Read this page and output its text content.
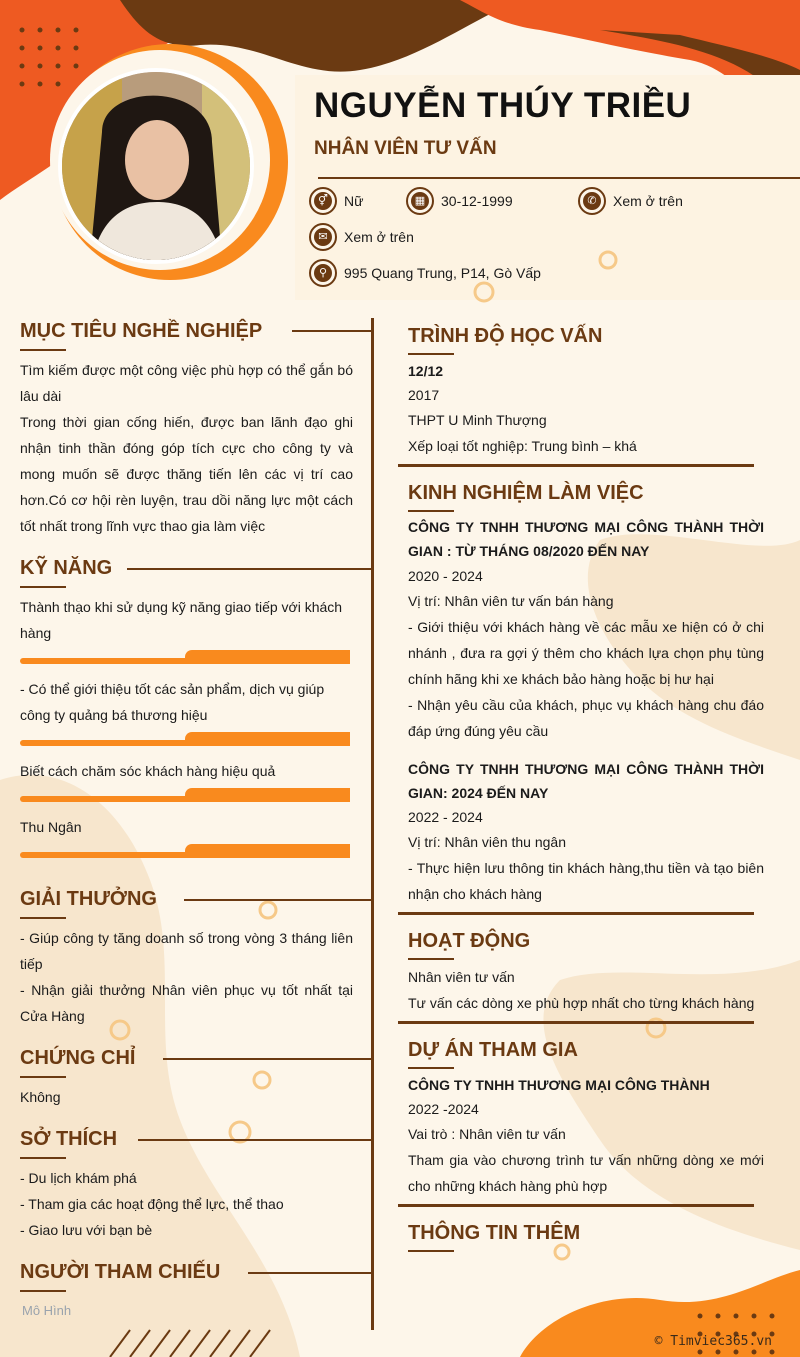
NGUYỄN THÚY TRIỀU
NHÂN VIÊN TƯ VẤN
⚥ Nữ	▦ 30-12-1999	✆	Xem ở trên
✉	Xem ở trên
⚲	995 Quang Trung, P14, Gò Vấp
MỤC TIÊU NGHỀ NGHIỆP
Tìm kiếm được một công việc phù hợp có thể gắn bó lâu dài
Trong thời gian cống hiến, được ban lãnh đạo ghi nhận tinh thần đóng góp tích cực cho công ty và mong muốn sẽ được thăng tiến lên các vị trí cao hơn.Có cơ hội rèn luyện, trau dồi năng lực một cách tốt nhất trong lĩnh vực thao gia làm việc
KỸ NĂNG
Thành thạo khi sử dụng kỹ năng giao tiếp với khách hàng
- Có thể giới thiệu tốt các sản phẩm, dịch vụ giúp công ty quảng bá thương hiệu
Biết cách chăm sóc khách hàng hiệu quả
Thu Ngân
GIẢI THƯỞNG
- Giúp công ty tăng doanh số trong vòng 3 tháng liên tiếp
- Nhận giải thưởng Nhân viên phục vụ tốt nhất tại Cửa Hàng
CHỨNG CHỈ
Không
SỞ THÍCH
- Du lịch khám phá
- Tham gia các hoạt động thể lực, thể thao
- Giao lưu với bạn bè
NGƯỜI THAM CHIẾU
Mô Hình
TRÌNH ĐỘ HỌC VẤN
12/12
2017
THPT U Minh Thượng
Xếp loại tốt nghiệp: Trung bình – khá
KINH NGHIỆM LÀM VIỆC
CÔNG TY TNHH THƯƠNG MẠI CÔNG THÀNH THỜI GIAN : TỪ THÁNG 08/2020 ĐẾN NAY
2020 - 2024
Vị trí: Nhân viên tư vấn bán hàng
- Giới thiệu với khách hàng về các mẫu xe hiện có ở chi nhánh , đưa ra gợi ý thêm cho khách lựa chọn phụ tùng chính hãng khi xe khách bảo hàng hoặc bị hư hại
- Nhận yêu cầu của khách, phục vụ khách hàng chu đáo đáp ứng đúng yêu cầu
CÔNG TY TNHH THƯƠNG MẠI CÔNG THÀNH THỜI GIAN: 2024 ĐẾN NAY
2022 - 2024
Vị trí: Nhân viên thu ngân
- Thực hiện lưu thông tin khách hàng,thu tiền và tạo biên nhận cho khách hàng
HOẠT ĐỘNG
Nhân viên tư vấn
Tư vấn các dòng xe phù hợp nhất cho từng khách hàng
DỰ ÁN THAM GIA
CÔNG TY TNHH THƯƠNG MẠI CÔNG THÀNH
2022 -2024
Vai trò : Nhân viên tư vấn
Tham gia vào chương trình tư vấn những dòng xe mới cho những khách hàng phù hợp
THÔNG TIN THÊM
© Timviec365.vn
